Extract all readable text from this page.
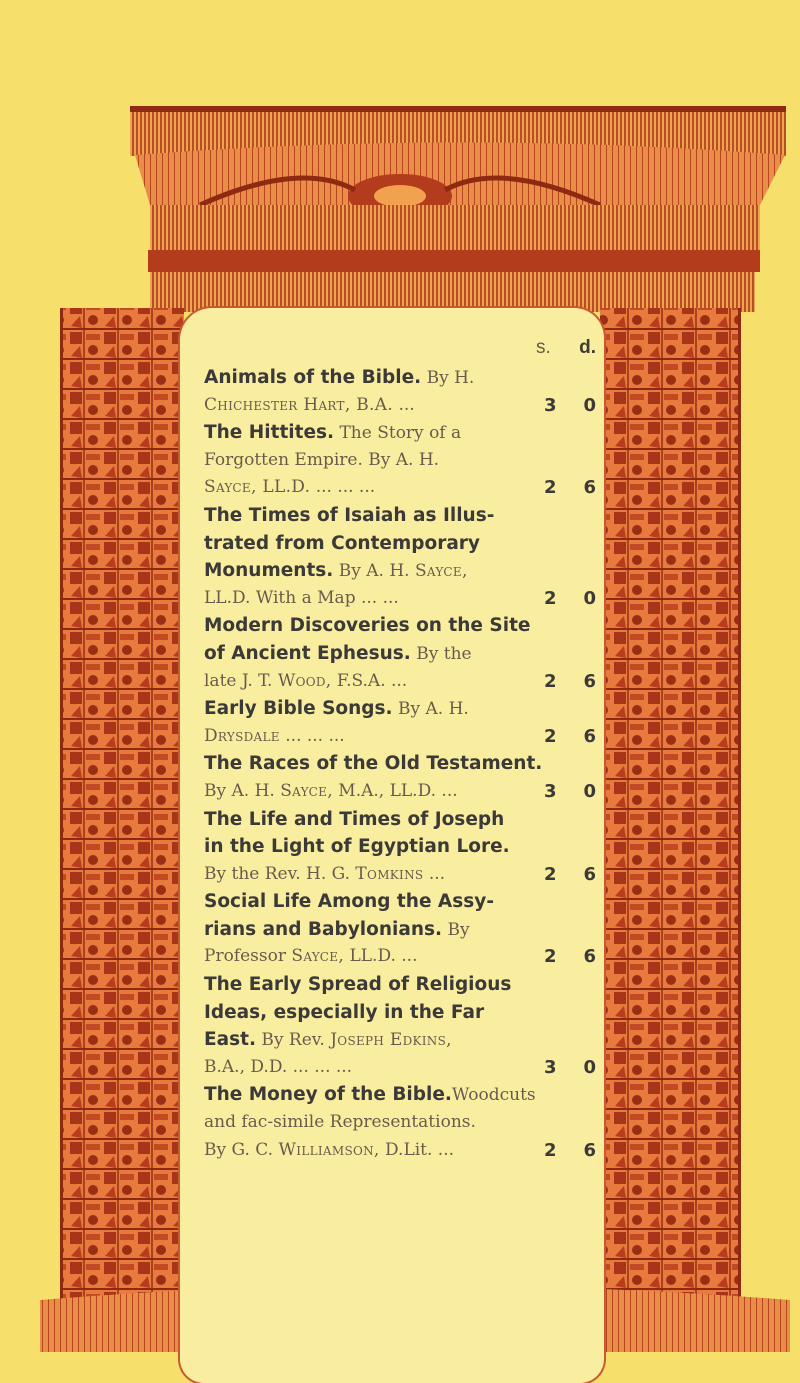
s. d.
Animals of the Bible. By H.
Chichester Hart, B.A. ...	3 0
The Hittites. The Story of a
Forgotten Empire. By A. H.
Sayce, LL.D. ... ... ...	2 6
The Times of Isaiah as Illus-
trated from Contemporary
Monuments. By A. H. Sayce,
LL.D. With a Map ... ...	2 0
Modern Discoveries on the Site
of Ancient Ephesus. By the
late J. T. Wood, F.S.A. ...	2 6
Early Bible Songs. By A. H.
Drysdale ... ... ...	2 6
The Races of the Old Testament.
By A. H. Sayce, M.A., LL.D. ...	3 0
The Life and Times of Joseph
in the Light of Egyptian Lore.
By the Rev. H. G. Tomkins ...	2 6
Social Life Among the Assy-
rians and Babylonians. By
Professor Sayce, LL.D. ...	2 6
The Early Spread of Religious
Ideas, especially in the Far
East. By Rev. Joseph Edkins,
B.A., D.D. ... ... ...	3 0
The Money of the Bible.Woodcuts
and fac-simile Representations.
By G. C. Williamson, D.Lit. ...	2 6
